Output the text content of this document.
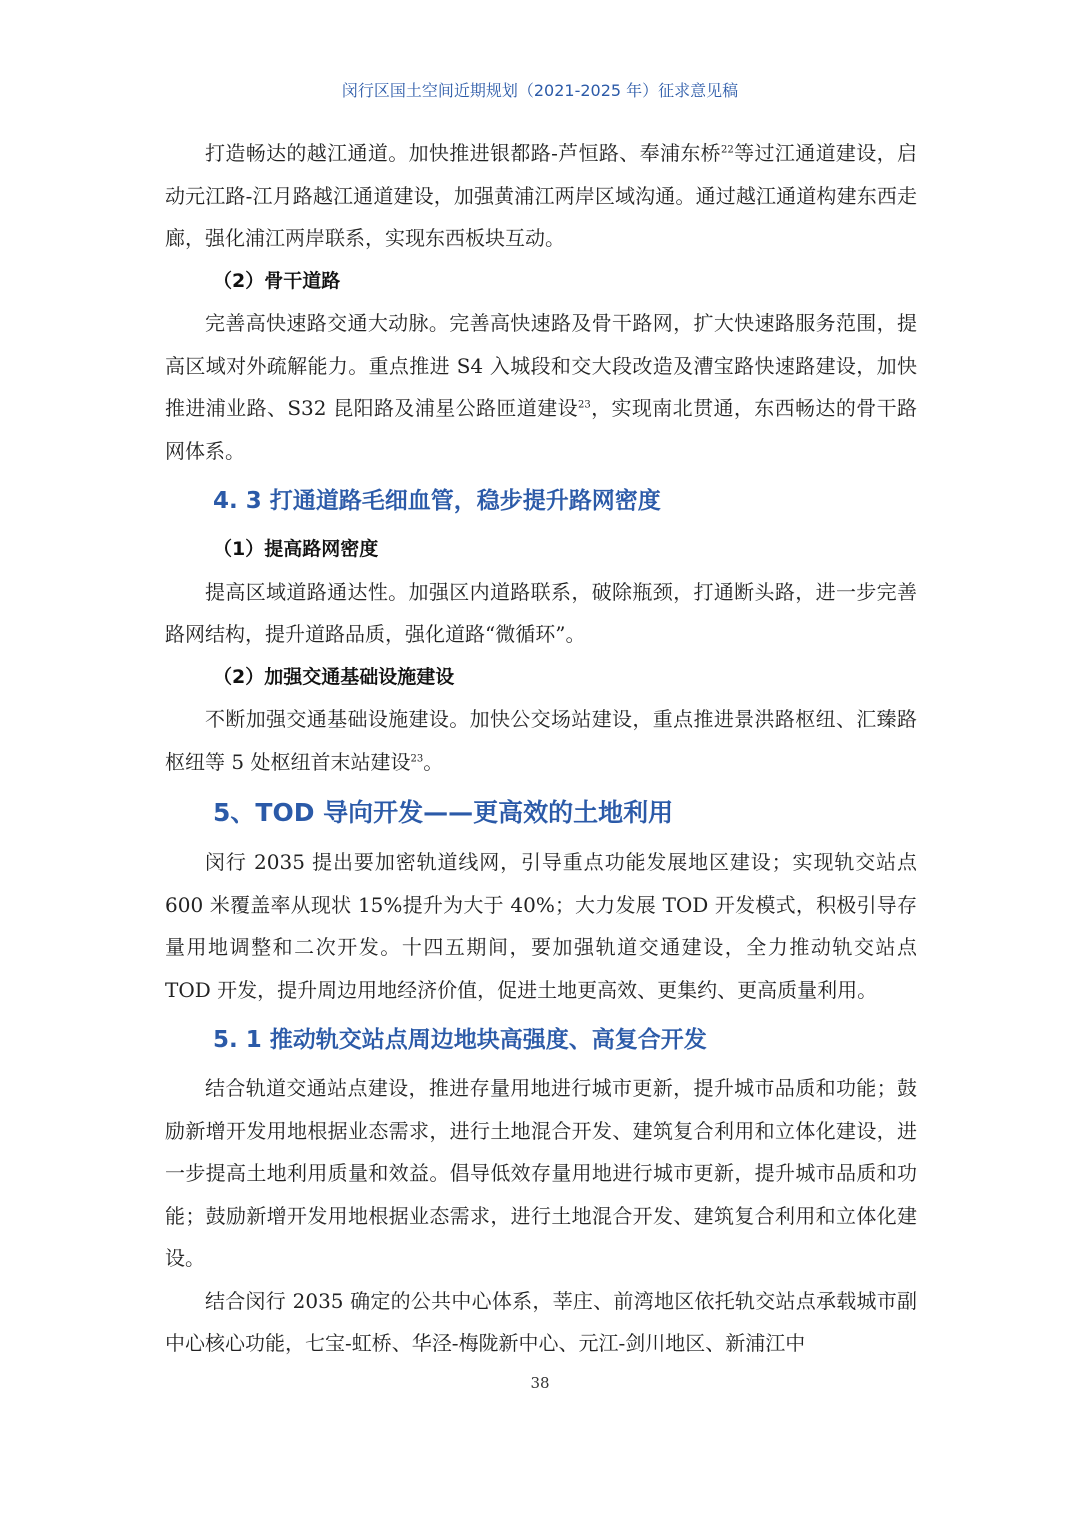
闵行区国土空间近期规划（2021-2025 年）征求意见稿

打造畅达的越江通道。加快推进银都路-芦恒路、奉浦东桥$^{22}$等过江通道建设，启动元江路-江月路越江通道建设，加强黄浦江两岸区域沟通。通过越江通道构建东西走廊，强化浦江两岸联系，实现东西板块互动。

（2）骨干道路

完善高快速路交通大动脉。完善高快速路及骨干路网，扩大快速路服务范围，提高区域对外疏解能力。重点推进 S4 入城段和交大段改造及漕宝路快速路建设，加快推进浦业路、S32 昆阳路及浦星公路匝道建设$^{23}$，实现南北贯通，东西畅达的骨干路网体系。

4. 3 打通道路毛细血管，稳步提升路网密度

（1）提高路网密度

提高区域道路通达性。加强区内道路联系，破除瓶颈，打通断头路，进一步完善路网结构，提升道路品质，强化道路“微循环”。

（2）加强交通基础设施建设

不断加强交通基础设施建设。加快公交场站建设，重点推进景洪路枢纽、汇臻路枢纽等 5 处枢纽首末站建设$^{23}$。

5、TOD 导向开发——更高效的土地利用

闵行 2035 提出要加密轨道线网，引导重点功能发展地区建设；实现轨交站点 600 米覆盖率从现状 15%提升为大于 40%；大力发展 TOD 开发模式，积极引导存量用地调整和二次开发。十四五期间，要加强轨道交通建设，全力推动轨交站点 TOD 开发，提升周边用地经济价值，促进土地更高效、更集约、更高质量利用。

5. 1 推动轨交站点周边地块高强度、高复合开发

结合轨道交通站点建设，推进存量用地进行城市更新，提升城市品质和功能；鼓励新增开发用地根据业态需求，进行土地混合开发、建筑复合利用和立体化建设，进一步提高土地利用质量和效益。倡导低效存量用地进行城市更新，提升城市品质和功能；鼓励新增开发用地根据业态需求，进行土地混合开发、建筑复合利用和立体化建设。

结合闵行 2035 确定的公共中心体系，莘庄、前湾地区依托轨交站点承载城市副中心核心功能，七宝-虹桥、华泾-梅陇新中心、元江-剑川地区、新浦江中

38
